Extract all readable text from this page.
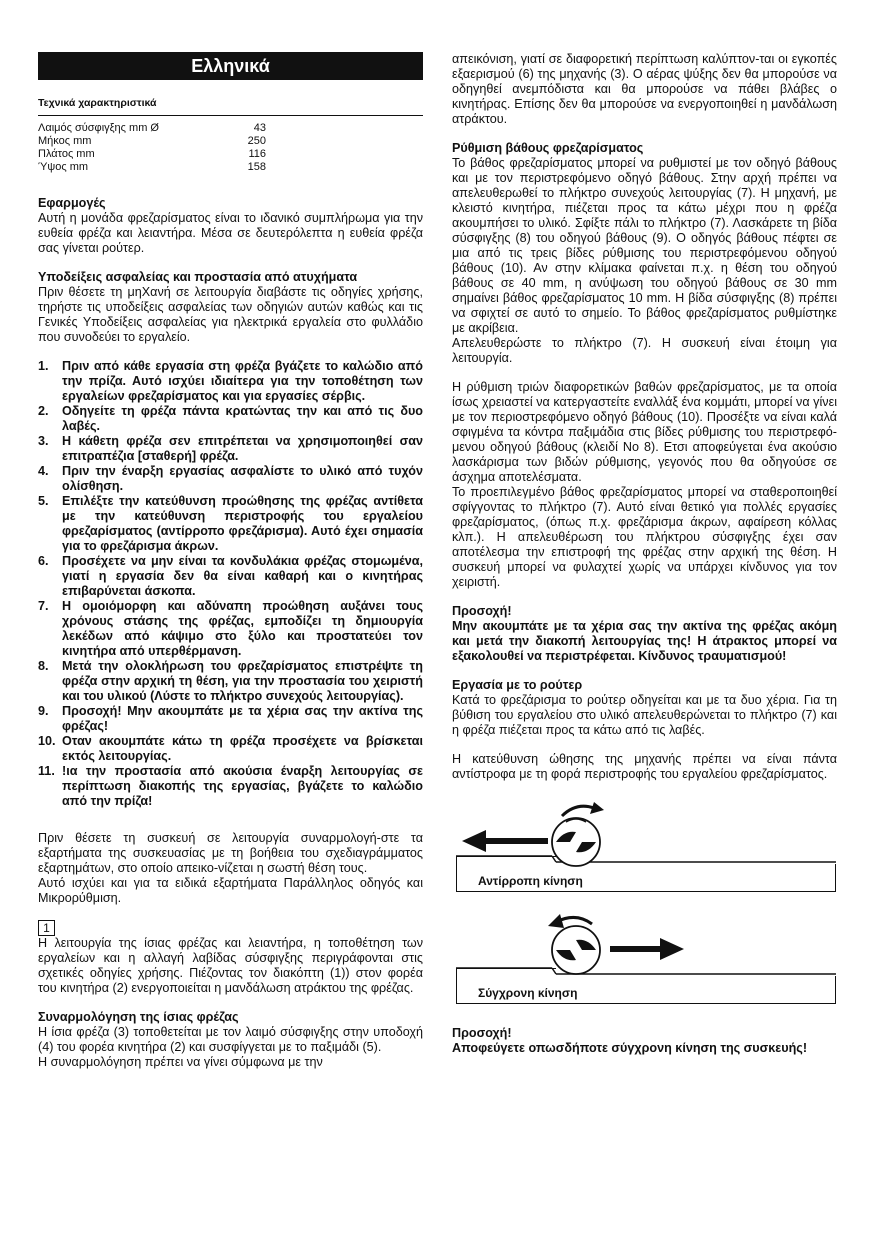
Ελληνικά
Τεχνικά χαρακτηριστικά
Λαιμός σύσφιγξης mm Ø	43
Μήκος mm	250
Πλάτος mm	116
Ύψος mm	158
Εφαρμογές
Αυτή η μονάδα φρεζαρίσματος είναι το ιδανικό συμπλήρωμα για την ευθεία φρέζα και λειαντήρα. Μέσα σε δευτερόλεπτα η ευθεία φρέζα σας γίνεται ρούτερ.
Υποδείξεις ασφαλείας και προστασία από ατυχήματα
Πριν θέσετε τη μηXανή σε λειτουργία διαβάστε τις οδηγίες χρήσης, τηρήστε τις υποδείξεις ασφαλείας των οδηγιών αυτών καθώς και τις Γενικές Υποδείξεις ασφαλείας για ηλεκτρικά εργαλεία στο φυλλάδιο που συνοδεύει το εργαλείο.
1.	Πριν από κάθε εργασία στη φρέζα βγάζετε το καλώδιο από την πρίζα. Αυτό ισχύει ιδιαίτερα για την τοποθέτηση των εργαλείων φρεζαρίσματος και για εργασίες σέρβις.
2.	Οδηγείτε τη φρέζα πάντα κρατώντας την και από τις δυο λαβές.
3.	Η κάθετη φρέζα σεν επιτρέπεται να χρησιμοποιηθεί σαν επιτραπέζια [σταθερή] φρέζα.
4.	Πριν την έναρξη εργασίας ασφαλίστε το υλικό από τυχόν ολίσθηση.
5.	Επιλέξτε την κατεύθυνση προώθησης της φρέζας αντίθετα με την κατεύθυνση περιστροφής του εργαλείου φρεζαρίσματος (αντίρροπο φρεζάρισμα). Αυτό έχει σημασία για το φρεζάρισμα άκρων.
6.	Προσέχετε να μην είναι τα κονδυλάκια φρέζας στομωμένα, γιατί η εργασία δεν θα είναι καθαρή και ο κινητήρας επιβαρύνεται άσκοπα.
7.	Η ομοιόμορφη και αδύναπη προώθηση αυξάνει τους χρόνους στάσης της φρέζας, εμποδίζει τη δημιουργία λεκέδων από κάψιμο στο ξύλο και προστατεύει τον κινητήρα από υπερθέρμανση.
8.	Μετά την ολοκλήρωση του φρεζαρίσματος επιστρέψτε τη φρέζα στην αρχική τη θέση, για την προστασία του χειριστή και του υλικού (Λύστε το πλήκτρο συνεχούς λειτουργίας).
9.	Προσοχή! Μην ακουμπάτε με τα χέρια σας την ακτίνα της φρέζας!
10. Οταν ακουμπάτε κάτω τη φρέζα προσέχετε να βρίσκεται εκτός λειτουργίας.
11. !ια την προστασία από ακούσια έναρξη λειτουργίας σε περίπτωση διακοπής της εργασίας, βγάζετε το καλώδιο από την πρίζα!
Πριν θέσετε τη συσκευή σε λειτουργία συναρμολογή-στε τα εξαρτήματα της συσκευασίας με τη βοήθεια του σχεδιαγράμματος εξαρτημάτων, στο οποίο απεικο-νίζεται η σωστή θέση τους.
Αυτό ισχύει και για τα ειδικά εξαρτήματα Παράλληλος οδηγός και Μικρορύθμιση.
1
Η λειτουργία της ίσιας φρέζας και λειαντήρα, η τοποθέτηση των εργαλείων και η αλλαγή λαβίδας σύσφιγξης περιγράφονται στις σχετικές οδηγίες χρήσης. Πιέζοντας τον διακόπτη (1)) στον φορέα του κινητήρα (2) ενεργοποιείται η μανδάλωση ατράκτου της φρέζας.
Συναρμολόγηση της ίσιας φρέζας
Η ίσια φρέζα (3) τοποθετείται με τον λαιμό σύσφιγξης στην υποδοχή (4) του φορέα κινητήρα (2) και συσφίγγεται με το παξιμάδι (5).
Η συναρμολόγηση πρέπει να γίνει σύμφωνα με την
απεικόνιση, γιατί σε διαφορετική περίπτωση καλύπτον-ται οι εγκοπές εξαερισμού (6) της μηχανής (3). Ο αέρας ψύξης δεν θα μπορούσε να οδηγηθεί ανεμπόδιστα και θα μπορούσε να πάθει βλάβες ο κινητήρας. Επίσης δεν θα μπορούσε να ενεργοποιηθεί η μανδάλωση ατράκτου.
Ρύθμιση βάθους φρεζαρίσματος
Το βάθος φρεζαρίσματος μπορεί να ρυθμιστεί με τον οδηγό βάθους και με τον περιστρεφόμενο οδηγό βάθους. Στην αρχή πρέπει να απελευθερωθεί το πλήκτρο συνεχούς λειτουργίας (7). Η μηχανή, με κλειστό κινητήρα, πιέζεται προς τα κάτω μέχρι που η φρέζα ακουμπήσει το υλικό. Σφίξτε πάλι το πλήκτρο (7). Λασκάρετε τη βίδα σύσφιγξης (8) του οδηγού βάθους (9). Ο οδηγός βάθους πέφτει σε μια από τις τρεις βίδες ρύθμισης του περιστρεφόμενου οδηγού βάθους (10). Αν στην κλίμακα φαίνεται π.χ. η θέση του οδηγού βάθους σε 40 mm, η ανύψωση του οδηγού βάθους σε 30 mm σημαίνει βάθος φρεζαρίσματος 10 mm. Η βίδα σύσφιγξης (8) πρέπει να σφιχτεί σε αυτό το σημείο. Το βάθος φρεζαρίσματος ρυθμίστηκε με ακρίβεια.
Απελευθερώστε το πλήκτρο (7). Η συσκευή είναι έτοιμη για λειτουργία.
Η ρύθμιση τριών διαφορετικών βαθών φρεζαρίσματος, με τα οποία ίσως χρειαστεί να κατεργαστείτε εναλλάξ ένα κομμάτι, μπορεί να γίνει με τον περιοστρεφόμενο οδηγό βάθους (10). Προσέξτε να είναι καλά σφιγμένα τα κόντρα παξιμάδια στις βίδες ρύθμισης του περιστρεφό-μενου οδηγού βάθους (κλειδί Νο 8). Ετσι αποφεύγεται ένα ακούσιο λασκάρισμα των βιδών ρύθμισης, γεγονός που θα οδηγούσε σε άσχημα αποτελέσματα.
Το προεπιλεγμένο βάθος φρεζαρίσματος μπορεί να σταθεροποιηθεί σφίγγοντας το πλήκτρο (7). Αυτό είναι θετικό για πολλές εργασίες φρεζαρίσματος, (όπως π.χ. φρεζάρισμα άκρων, αφαίρεση κόλλας κλπ.). Η απελευθέρωση του πλήκτρου σύσφιγξης έχει σαν αποτέλεσμα την επιστροφή της φρέζας στην αρχική της θέση. Η συσκευή μπορεί να φυλαχτεί χωρίς να υπάρχει κίνδυνος για τον χειριστή.
Προσοχή!
Μην ακουμπάτε με τα χέρια σας την ακτίνα της φρέζας ακόμη και μετά την διακοπή λειτουργίας της! Η άτρακτος μπορεί να εξακολουθεί να περιστρέφεται. Κίνδυνος τραυματισμού!
Εργασία με το ρούτερ
Κατά το φρεζάρισμα το ρούτερ οδηγείται και με τα δυο χέρια. Για τη βύθιση του εργαλείου στο υλικό απελευθερώνεται το πλήκτρο (7) και η φρέζα πιέζεται προς τα κάτω από τις λαβές.
Η κατεύθυνση ώθησης της μηχανής πρέπει να είναι πάντα αντίστροφα με τη φορά περιστροφής του εργαλείου φρεζαρίσματος.
Αντίρροπη κίνηση
Σύγχρονη κίνηση
Προσοχή!
Αποφεύγετε οπωσδήποτε σύγχρονη κίνηση της συσκευής!
